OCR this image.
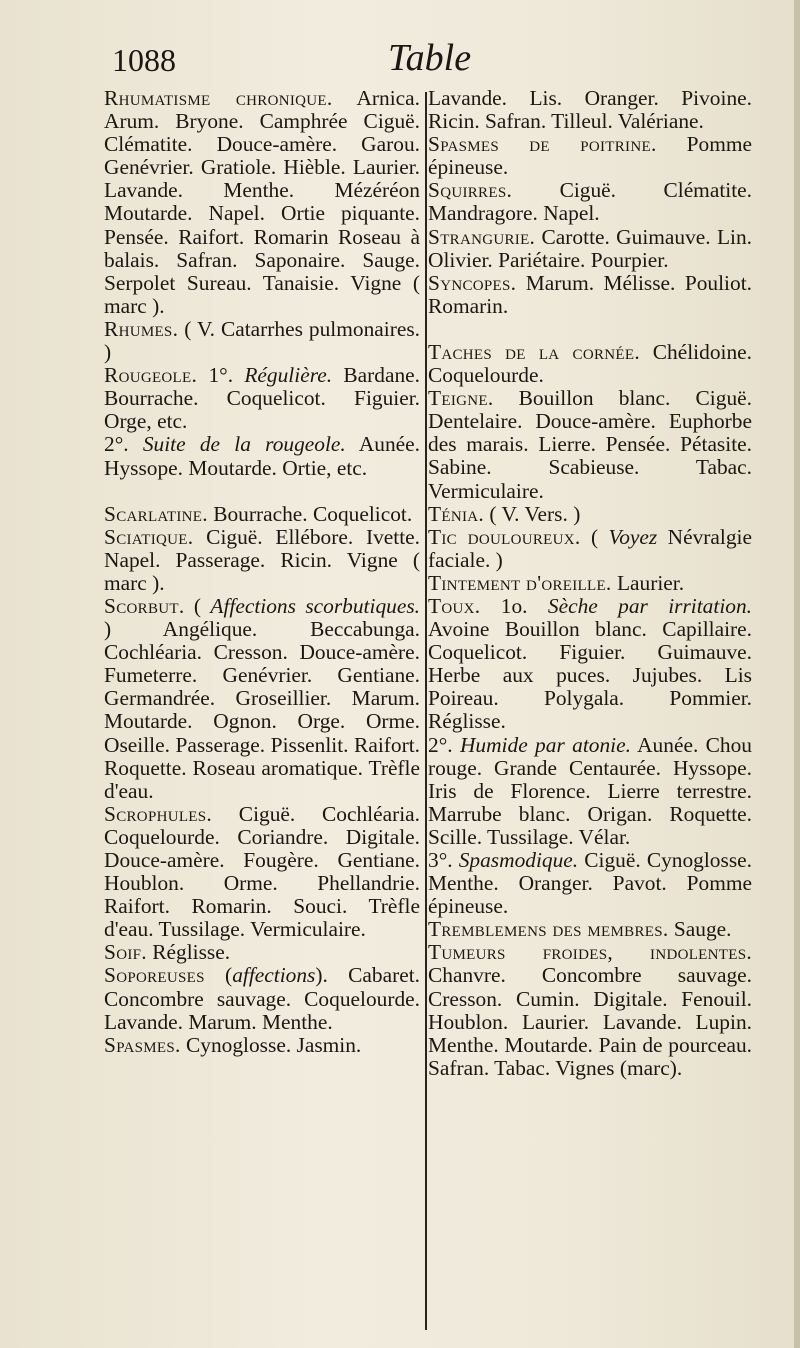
1088	Table

Rhumatisme chronique. Arnica. Arum. Bryone. Camphrée Ciguë. Clématite. Douce-amère. Garou. Genévrier. Gratiole. Hièble. Laurier. Lavande. Menthe. Mézéréon Moutarde. Napel. Ortie piquante. Pensée. Raifort. Romarin Roseau à balais. Safran. Saponaire. Sauge. Serpolet Sureau. Tanaisie. Vigne ( marc ).

Rhumes. ( V. Catarrhes pulmonaires. )

Rougeole. 1°. Régulière. Bardane. Bourrache. Coquelicot. Figuier. Orge, etc.

2°. Suite de la rougeole. Aunée. Hyssope. Moutarde. Ortie, etc.

Scarlatine. Bourrache. Coquelicot.

Sciatique. Ciguë. Ellébore. Ivette. Napel. Passerage. Ricin. Vigne ( marc ).

Scorbut. ( Affections scorbutiques. ) Angélique. Beccabunga. Cochléaria. Cresson. Douce-amère. Fumeterre. Genévrier. Gentiane. Germandrée. Groseillier. Marum. Moutarde. Ognon. Orge. Orme. Oseille. Passerage. Pissenlit. Raifort. Roquette. Roseau aromatique. Trèfle d'eau.

Scrophules. Ciguë. Cochléaria. Coquelourde. Coriandre. Digitale. Douce-amère. Fougère. Gentiane. Houblon. Orme. Phellandrie. Raifort. Romarin. Souci. Trèfle d'eau. Tussilage. Vermiculaire.

Soif. Réglisse.

Soporeuses (affections). Cabaret. Concombre sauvage. Coquelourde. Lavande. Marum. Menthe.

Spasmes. Cynoglosse. Jasmin.

Lavande. Lis. Oranger. Pivoine. Ricin. Safran. Tilleul. Valériane.

Spasmes de poitrine. Pomme épineuse.

Squirres. Ciguë. Clématite. Mandragore. Napel.

Strangurie. Carotte. Guimauve. Lin. Olivier. Pariétaire. Pourpier.

Syncopes. Marum. Mélisse. Pouliot. Romarin.

Taches de la cornée. Chélidoine. Coquelourde.

Teigne. Bouillon blanc. Ciguë. Dentelaire. Douce-amère. Euphorbe des marais. Lierre. Pensée. Pétasite. Sabine. Scabieuse. Tabac. Vermiculaire.

Ténia. ( V. Vers. )

Tic douloureux. ( Voyez Névralgie faciale. )

Tintement d'oreille. Laurier.

Toux. 1o. Sèche par irritation. Avoine Bouillon blanc. Capillaire. Coquelicot. Figuier. Guimauve. Herbe aux puces. Jujubes. Lis Poireau. Polygala. Pommier. Réglisse.

2°. Humide par atonie. Aunée. Chou rouge. Grande Centaurée. Hyssope. Iris de Florence. Lierre terrestre. Marrube blanc. Origan. Roquette. Scille. Tussilage. Vélar.

3°. Spasmodique. Ciguë. Cynoglosse. Menthe. Oranger. Pavot. Pomme épineuse.

Tremblemens des membres. Sauge.

Tumeurs froides, indolentes. Chanvre. Concombre sauvage. Cresson. Cumin. Digitale. Fenouil. Houblon. Laurier. Lavande. Lupin. Menthe. Moutarde. Pain de pourceau. Safran. Tabac. Vignes (marc).
